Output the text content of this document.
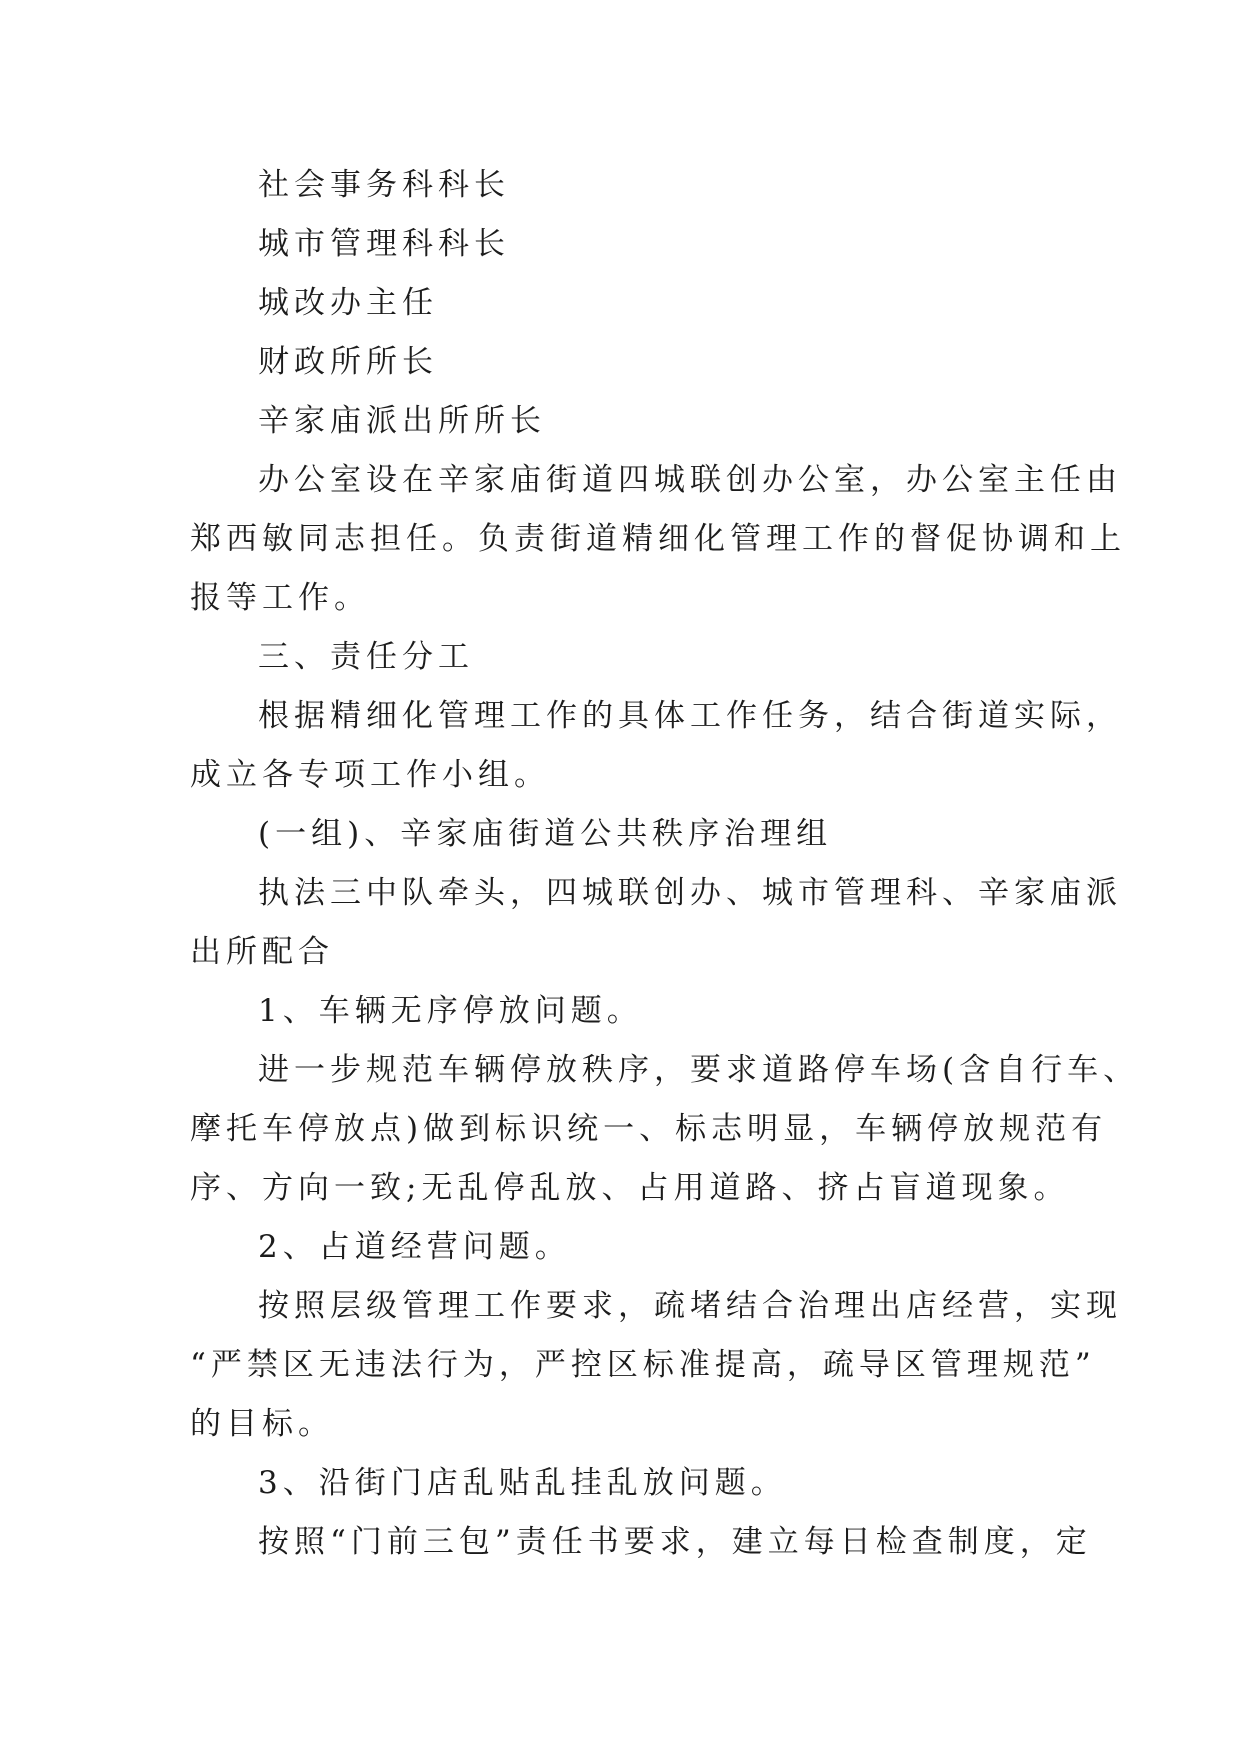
社会事务科科长

城市管理科科长

城改办主任

财政所所长

辛家庙派出所所长

办公室设在辛家庙街道四城联创办公室，办公室主任由

郑西敏同志担任。负责街道精细化管理工作的督促协调和上

报等工作。

三、责任分工

根据精细化管理工作的具体工作任务，结合街道实际，

成立各专项工作小组。

(一组)、辛家庙街道公共秩序治理组

执法三中队牵头，四城联创办、城市管理科、辛家庙派

出所配合

1、车辆无序停放问题。

进一步规范车辆停放秩序，要求道路停车场(含自行车、

摩托车停放点)做到标识统一、标志明显，车辆停放规范有

序、方向一致;无乱停乱放、占用道路、挤占盲道现象。

2、占道经营问题。

按照层级管理工作要求，疏堵结合治理出店经营，实现

“严禁区无违法行为，严控区标准提高，疏导区管理规范”

的目标。

3、沿街门店乱贴乱挂乱放问题。

按照“门前三包”责任书要求，建立每日检查制度，定
